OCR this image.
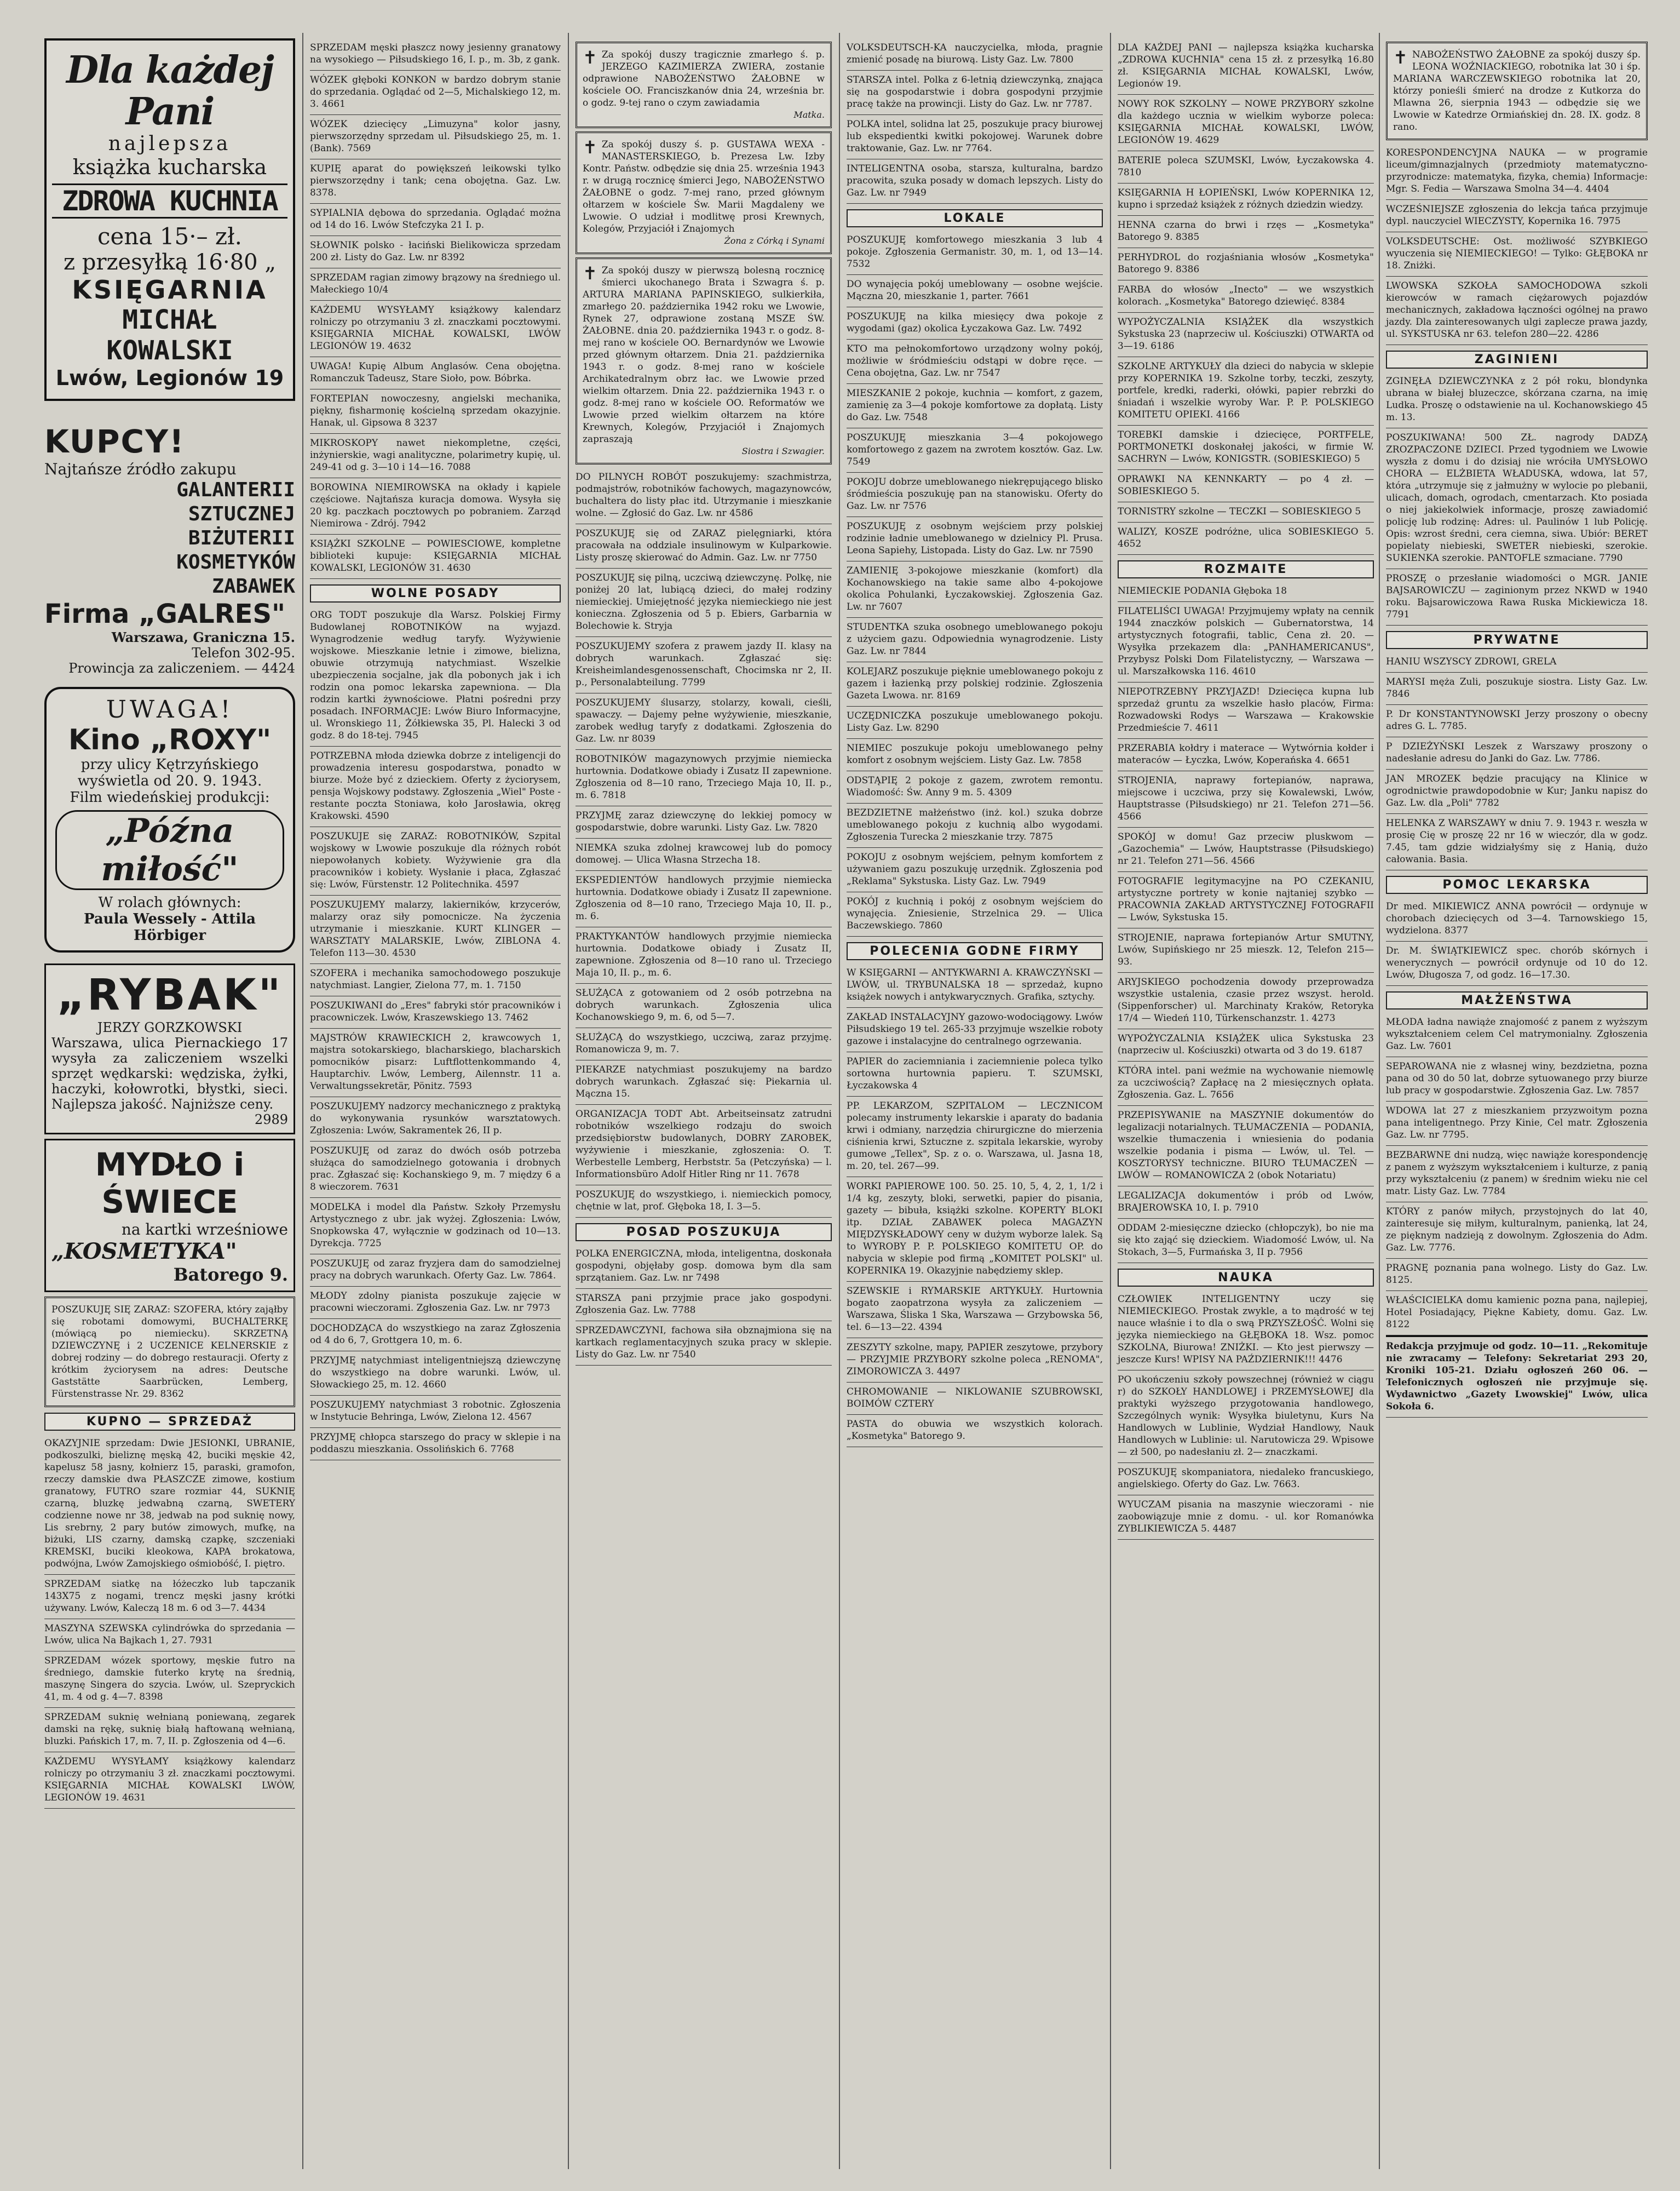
Dla każdej Pani
najlepsza
książka kucharska
ZDROWA KUCHNIA
cena 15·– zł.
z przesyłką 16·80 „
KSIĘGARNIA
MICHAŁ KOWALSKI
Lwów, Legionów 19
KUPCY!
Najtańsze źródło zakupu
GALANTERII
SZTUCZNEJ
BIŻUTERII
KOSMETYKÓW
ZABAWEK
Firma „GALRES"
Warszawa, Graniczna 15.
Telefon 302-95.
Prowincja za zaliczeniem. — 4424
UWAGA!
Kino „ROXY"
przy ulicy Kętrzyńskiego
wyświetla od 20. 9. 1943.
Film wiedeńskiej produkcji:
„Późna miłość"
W rolach głównych:
Paula Wessely - Attila Hörbiger
„RYBAK"
JERZY GORZKOWSKI
Warszawa, ulica Piernackiego 17 wysyła za zaliczeniem wszelki sprzęt wędkarski: wędziska, żyłki, haczyki, kołowrotki, błystki, sieci. Najlepsza jakość. Najniższe ceny.
2989
MYDŁO i ŚWIECE
na kartki wrześniowe
„KOSMETYKA"
Batorego 9.
POSZUKUJĘ SIĘ ZARAZ: SZOFERA, który zająłby się robotami domowymi, BUCHALTERKĘ (mówiącą po niemiecku). SKRZETNĄ DZIEWCZYNĘ i 2 UCZENICE KELNERSKIE z dobrej rodziny — do dobrego restauracji. Oferty z krótkim życiorysem na adres: Deutsche Gaststätte Saarbrücken, Lemberg, Fürstenstrasse Nr. 29. 8362
KUPNO — SPRZEDAŻ
OKAZYJNIE sprzedam: Dwie JESIONKI, UBRANIE, podkoszulki, bieliznę męską 42, buciki męskie 42, kapelusz 58 jasny, kołnierz 15, paraski, gramofon, rzeczy damskie dwa PŁASZCZE zimowe, kostium granatowy, FUTRO szare rozmiar 44, SUKNIĘ czarną, bluzkę jedwabną czarną, SWETERY codzienne nowe nr 38, jedwab na pod suknię nowy, Lis srebrny, 2 pary butów zimowych, mufkę, na biżuki, LIS czarny, damską czapkę, szczeniaki KREMSKI, buciki kleokowa, KAPA brokatowa, podwójna, Lwów Zamojskiego ośmiobóść, I. piętro.
SPRZEDAM siatkę na łóżeczko lub tapczanik 143X75 z nogami, trencz męski jasny krótki używany. Lwów, Kaleczą 18 m. 6 od 3—7. 4434
MASZYNA SZEWSKA cylindrówka do sprzedania — Lwów, ulica Na Bajkach 1, 27. 7931
SPRZEDAM wózek sportowy, męskie futro na średniego, damskie futerko krytę na średnią, maszynę Singera do szycia. Lwów, ul. Szepryckich 41, m. 4 od g. 4—7. 8398
SPRZEDAM suknię wełnianą poniewaną, zegarek damski na rękę, suknię białą haftowaną wełnianą, bluzki. Pańskich 17, m. 7, II. p. Zgłoszenia od 4—6.
KAŻDEMU WYSYŁAMY książkowy kalendarz rolniczy po otrzymaniu 3 zł. znaczkami pocztowymi. KSIĘGARNIA MICHAŁ KOWALSKI LWÓW, LEGIONÓW 19. 4631
SPRZEDAM męski płaszcz nowy jesienny granatowy na wysokiego — Piłsudskiego 16, I. p., m. 3b, z gank.
WÓZEK głęboki KONKON w bardzo dobrym stanie do sprzedania. Oglądać od 2—5, Michalskiego 12, m. 3. 4661
WÓZEK dziecięcy „Limuzyna" kolor jasny, pierwszorzędny sprzedam ul. Piłsudskiego 25, m. 1. (Bank). 7569
KUPIĘ aparat do powiększeń leikowski tylko pierwszorzędny i tank; cena obojętna. Gaz. Lw. 8378.
SYPIALNIA dębowa do sprzedania. Oglądać można od 14 do 16. Lwów Stefczyka 21 I. p.
SŁOWNIK polsko - łaciński Bielikowicza sprzedam 200 zł. Listy do Gaz. Lw. nr 8392
SPRZEDAM ragian zimowy brązowy na średniego ul. Małeckiego 10/4
KAŻDEMU WYSYŁAMY książkowy kalendarz rolniczy po otrzymaniu 3 zł. znaczkami pocztowymi. KSIĘGARNIA MICHAŁ KOWALSKI, LWÓW LEGIONÓW 19. 4632
UWAGA! Kupię Album Anglasów. Cena obojętna. Romanczuk Tadeusz, Stare Sioło, pow. Bóbrka.
FORTEPIAN nowoczesny, angielski mechanika, piękny, fisharmonię kościelną sprzedam okazyjnie. Hanak, ul. Gipsowa 8 3237
MIKROSKOPY nawet niekompletne, części, inżynierskie, wagi analityczne, polarimetry kupię, ul. 249-41 od g. 3—10 i 14—16. 7088
BOROWINA NIEMIROWSKA na okłady i kąpiele częściowe. Najtańsza kuracja domowa. Wysyła się 20 kg. paczkach pocztowych po pobraniem. Zarząd Niemirowa - Zdrój. 7942
KSIĄŻKI SZKOLNE — POWIESCIOWE, kompletne biblioteki kupuje: KSIĘGARNIA MICHAŁ KOWALSKI, LEGIONÓW 31. 4630
WOLNE POSADY
ORG TODT poszukuje dla Warsz. Polskiej Firmy Budowlanej ROBOTNIKÓW na wyjazd. Wynagrodzenie według taryfy. Wyżywienie wojskowe. Mieszkanie letnie i zimowe, bielizna, obuwie otrzymują natychmiast. Wszelkie ubezpieczenia socjalne, jak dla pobonych jak i ich rodzin ona pomoc lekarska zapewniona. — Dla rodzin kartki żywnościowe. Płatni pośredni przy posadach. INFORMACJE: Lwów Biuro Informacyjne, ul. Wronskiego 11, Żółkiewska 35, Pl. Halecki 3 od godz. 8 do 18-tej. 7945
POTRZEBNA młoda dziewka dobrze z inteligencji do prowadzenia interesu gospodarstwa, ponadto w biurze. Może być z dzieckiem. Oferty z życiorysem, pensja Wojskowy podstawy. Zgłoszenia „Wiel" Poste - restante poczta Stoniawa, koło Jarosławia, okręg Krakowski. 4590
POSZUKUJE się ZARAZ: ROBOTNIKÓW, Szpital wojskowy w Lwowie poszukuje dla różnych robót niepowołanych kobiety. Wyżywienie gra dla pracowników i kobiety. Wysłanie i płaca, Zgłaszać się: Lwów, Fürstenstr. 12 Politechnika. 4597
POSZUKUJEMY malarzy, lakierników, krzycerów, malarzy oraz siły pomocnicze. Na życzenia utrzymanie i mieszkanie. KURT KLINGER — WARSZTATY MALARSKIE, Lwów, ZIBLONA 4. Telefon 113—30. 4530
SZOFERA i mechanika samochodowego poszukuje natychmiast. Langier, Zielona 77, m. 1. 7150
POSZUKIWANI do „Eres" fabryki stór pracowników i pracowniczek. Lwów, Kraszewskiego 13. 7462
MAJSTRÓW KRAWIECKICH 2, krawcowych 1, majstra sotokarskiego, blacharskiego, blacharskich pomocników pisarz: Luftflottenkommando 4, Hauptarchiv. Lwów, Lemberg, Ailennstr. 11 a. Verwaltungssekretär, Pönitz. 7593
POSZUKUJEMY nadzorcy mechanicznego z praktyką do wykonywania rysunków warsztatowych. Zgłoszenia: Lwów, Sakramentek 26, II p.
POSZUKUJĘ od zaraz do dwóch osób potrzeba służąca do samodzielnego gotowania i drobnych prac. Zgłaszać się: Kochanskiego 9, m. 7 między 6 a 8 wieczorem. 7631
MODELKA i model dla Państw. Szkoły Przemysłu Artystycznego z ubr. jak wyżej. Zgłoszenia: Lwów, Snopkowska 47, wyłącznie w godzinach od 10—13. Dyrekcja. 7725
POSZUKUJĘ od zaraz fryzjera dam do samodzielnej pracy na dobrych warunkach. Oferty Gaz. Lw. 7864.
MŁODY zdolny pianista poszukuje zajęcie w pracowni wieczorami. Zgłoszenia Gaz. Lw. nr 7973
DOCHODZĄCA do wszystkiego na zaraz Zgłoszenia od 4 do 6, 7, Grottgera 10, m. 6.
PRZYJMĘ natychmiast inteligentniejszą dziewczynę do wszystkiego na dobre warunki. Lwów, ul. Słowackiego 25, m. 12. 4660
POSZUKUJEMY natychmiast 3 robotnic. Zgłoszenia w Instytucie Behringa, Lwów, Zielona 12. 4567
PRZYJMĘ chłopca starszego do pracy w sklepie i na poddaszu mieszkania. Ossolińskich 6. 7768
✝ Za spokój duszy tragicznie zmarłego ś. p. JERZEGO KAZIMIERZA ZWIERA, zostanie odprawione NABOŻEŃSTWO ŻAŁOBNE w kościele OO. Franciszkanów dnia 24, września br. o godz. 9-tej rano o czym zawiadamia
Matka.
✝ Za spokój duszy ś. p. GUSTAWA WEXA - MANASTERSKIEGO, b. Prezesa Lw. Izby Kontr. Państw. odbędzie się dnia 25. września 1943 r. w drugą rocznicę śmierci Jego, NABOŻEŃSTWO ŻAŁOBNE o godz. 7-mej rano, przed głównym ołtarzem w kościele Św. Marii Magdaleny we Lwowie. O udział i modlitwę prosi Krewnych, Kolegów, Przyjaciół i Znajomych
Żona z Córką i Synami
✝ Za spokój duszy w pierwszą bolesną rocznicę śmierci ukochanego Brata i Szwagra ś. p. ARTURA MARIANA PAPINSKIEGO, sulkierkiła, zmarłego 20. października 1942 roku we Lwowie, Rynek 27, odprawione zostaną MSZE ŚW. ŻAŁOBNE. dnia 20. października 1943 r. o godz. 8-mej rano w kościele OO. Bernardynów we Lwowie przed głównym ołtarzem. Dnia 21. października 1943 r. o godz. 8-mej rano w kościele Archikatedralnym obrz łac. we Lwowie przed wielkim ołtarzem. Dnia 22. października 1943 r. o godz. 8-mej rano w kościele OO. Reformatów we Lwowie przed wielkim ołtarzem na które Krewnych, Kolegów, Przyjaciół i Znajomych zapraszają
Siostra i Szwagier.
DO PILNYCH ROBÓT poszukujemy: szachmistrza, podmajstrów, robotników fachowych, magazynowców, buchaltera do listy płac itd. Utrzymanie i mieszkanie wolne. — Zgłosić do Gaz. Lw. nr 4586
POSZUKUJĘ się od ZARAZ pielęgniarki, która pracowała na oddziale insulinowym w Kulparkowie. Listy proszę skierować do Admin. Gaz. Lw. nr 7750
POSZUKUJĘ się pilną, uczciwą dziewczynę. Polkę, nie poniżej 20 lat, lubiącą dzieci, do małej rodziny niemieckiej. Umiejętność języka niemieckiego nie jest konieczna. Zgłoszenia od 5 p. Ebiers, Garbarnia w Bolechowie k. Stryja
POSZUKUJEMY szofera z prawem jazdy II. klasy na dobrych warunkach. Zgłaszać się: Kreisheimlandesgenossenschaft, Chocimska nr 2, II. p., Personalabteilung. 7799
POSZUKUJEMY ślusarzy, stolarzy, kowali, cieśli, spawaczy. — Dajemy pełne wyżywienie, mieszkanie, zarobek według taryfy z dodatkami. Zgłoszenia do Gaz. Lw. nr 8039
ROBOTNIKÓW magazynowych przyjmie niemiecka hurtownia. Dodatkowe obiady i Zusatz II zapewnione. Zgłoszenia od 8—10 rano, Trzeciego Maja 10, II. p., m. 6. 7818
PRZYJMĘ zaraz dziewczynę do lekkiej pomocy w gospodarstwie, dobre warunki. Listy Gaz. Lw. 7820
NIEMKA szuka zdolnej krawcowej lub do pomocy domowej. — Ulica Własna Strzecha 18.
EKSPEDIENTÓW handlowych przyjmie niemiecka hurtownia. Dodatkowe obiady i Zusatz II zapewnione. Zgłoszenia od 8—10 rano, Trzeciego Maja 10, II. p., m. 6.
PRAKTYKANTÓW handlowych przyjmie niemiecka hurtownia. Dodatkowe obiady i Zusatz II, zapewnione. Zgłoszenia od 8—10 rano ul. Trzeciego Maja 10, II. p., m. 6.
SŁUŻĄCA z gotowaniem od 2 osób potrzebna na dobrych warunkach. Zgłoszenia ulica Kochanowskiego 9, m. 6, od 5—7.
SŁUŻĄCĄ do wszystkiego, uczciwą, zaraz przyjmę. Romanowicza 9, m. 7.
PIEKARZE natychmiast poszukujemy na bardzo dobrych warunkach. Zgłaszać się: Piekarnia ul. Mączna 15.
ORGANIZACJA TODT Abt. Arbeitseinsatz zatrudni robotników wszelkiego rodzaju do swoich przedsiębiorstw budowlanych, DOBRY ZAROBEK, wyżywienie i mieszkanie, zgłoszenia: O. T. Werbestelle Lemberg, Herbststr. 5a (Petczyńska) — l. Informationsbüro Adolf Hitler Ring nr 11. 7678
POSZUKUJĘ do wszystkiego, i. niemieckich pomocy, chętnie w lat, prof. Głęboka 18, I. 3—5.
POSAD POSZUKUJA
POLKA ENERGICZNA, młoda, inteligentna, doskonała gospodyni, objęłaby gosp. domowa bym dla sam sprzątaniem. Gaz. Lw. nr 7498
STARSZA pani przyjmie prace jako gospodyni. Zgłoszenia Gaz. Lw. 7788
SPRZEDAWCZYNI, fachowa siła obznajmiona się na kartkach reglamentacyjnych szuka pracy w sklepie. Listy do Gaz. Lw. nr 7540
VOLKSDEUTSCH-KA nauczycielka, młoda, pragnie zmienić posadę na biurową. Listy Gaz. Lw. 7800
STARSZA intel. Polka z 6-letnią dziewczynką, znająca się na gospodarstwie i dobra gospodyni przyjmie pracę także na prowincji. Listy do Gaz. Lw. nr 7787.
POLKA intel, solidna lat 25, poszukuje pracy biurowej lub ekspedientki kwitki pokojowej. Warunek dobre traktowanie, Gaz. Lw. nr 7764.
INTELIGENTNA osoba, starsza, kulturalna, bardzo pracowita, szuka posady w domach lepszych. Listy do Gaz. Lw. nr 7949
LOKALE
POSZUKUJĘ komfortowego mieszkania 3 lub 4 pokoje. Zgłoszenia Germanistr. 30, m. 1, od 13—14. 7532
DO wynajęcia pokój umeblowany — osobne wejście. Mączna 20, mieszkanie 1, parter. 7661
POSZUKUJĘ na kilka miesięcy dwa pokoje z wygodami (gaz) okolica Łyczakowa Gaz. Lw. 7492
KTO ma pełnokomfortowo urządzony wolny pokój, możliwie w śródmieściu odstąpi w dobre ręce. — Cena obojętna, Gaz. Lw. nr 7547
MIESZKANIE 2 pokoje, kuchnia — komfort, z gazem, zamienię za 3—4 pokoje komfortowe za dopłatą. Listy do Gaz. Lw. 7548
POSZUKUJĘ mieszkania 3—4 pokojowego komfortowego z gazem na zwrotem kosztów. Gaz. Lw. 7549
POKOJU dobrze umeblowanego niekrępującego blisko śródmieścia poszukuję pan na stanowisku. Oferty do Gaz. Lw. nr 7576
POSZUKUJĘ z osobnym wejściem przy polskiej rodzinie ładnie umeblowanego w dzielnicy Pl. Prusa. Leona Sapiehy, Listopada. Listy do Gaz. Lw. nr 7590
ZAMIENIĘ 3-pokojowe mieszkanie (komfort) dla Kochanowskiego na takie same albo 4-pokojowe okolica Pohulanki, Łyczakowskiej. Zgłoszenia Gaz. Lw. nr 7607
STUDENTKA szuka osobnego umeblowanego pokoju z użyciem gazu. Odpowiednia wynagrodzenie. Listy Gaz. Lw. nr 7844
KOLEJARZ poszukuje pięknie umeblowanego pokoju z gazem i łazienką przy polskiej rodzinie. Zgłoszenia Gazeta Lwowa. nr. 8169
UCZĘDNICZKA poszukuje umeblowanego pokoju. Listy Gaz. Lw. 8290
NIEMIEC poszukuje pokoju umeblowanego pełny komfort z osobnym wejściem. Listy Gaz. Lw. 7858
ODSTĄPIĘ 2 pokoje z gazem, zwrotem remontu. Wiadomość: Św. Anny 9 m. 5. 4309
BEZDZIETNE małżeństwo (inż. kol.) szuka dobrze umeblowanego pokoju z kuchnią albo wygodami. Zgłoszenia Turecka 2 mieszkanie trzy. 7875
POKOJU z osobnym wejściem, pełnym komfortem z używaniem gazu poszukuję urzędnik. Zgłoszenia pod „Reklama" Sykstuska. Listy Gaz. Lw. 7949
POKÓJ z kuchnią i pokój z osobnym wejściem do wynajęcia. Zniesienie, Strzelnica 29. — Ulica Baczewskiego. 7860
POLECENIA GODNE FIRMY
W KSIĘGARNI — ANTYKWARNI A. KRAWCZYŃSKI — LWÓW, ul. TRYBUNALSKA 18 — sprzedaż, kupno książek nowych i antykwarycznych. Grafika, sztychy.
ZAKŁAD INSTALACYJNY gazowo-wodociągowy. Lwów Piłsudskiego 19 tel. 265-33 przyjmuje wszelkie roboty gazowe i instalacyjne do centralnego ogrzewania.
PAPIER do zaciemniania i zaciemnienie poleca tylko sortowna hurtownia papieru. T. SZUMSKI, Łyczakowska 4
PP. LEKARZOM, SZPITALOM — LECZNICOM polecamy instrumenty lekarskie i aparaty do badania krwi i odmiany, narzędzia chirurgiczne do mierzenia ciśnienia krwi, Sztuczne z. szpitala lekarskie, wyroby gumowe „Tellex", Sp. z o. o. Warszawa, ul. Jasna 18, m. 20, tel. 267—99.
WORKI PAPIEROWE 100. 50. 25. 10, 5, 4, 2, 1, 1/2 i 1/4 kg, zeszyty, bloki, serwetki, papier do pisania, gazety — bibuła, książki szkolne. KOPERTY BLOKI itp. DZIAŁ ZABAWEK poleca MAGAZYN MIĘDZYSKŁADOWY ceny w dużym wyborze lalek. Są to WYROBY P. P. POLSKIEGO KOMITETU OP. do nabycia w sklepie pod firmą „KOMITET POLSKI" ul. KOPERNIKA 19. Okazyjnie nabędziemy sklep.
SZEWSKIE i RYMARSKIE ARTYKUŁY. Hurtownia bogato zaopatrzona wysyła za zaliczeniem — Warszawa, Śliska 1 Ska, Warszawa — Grzybowska 56, tel. 6—13—22. 4394
ZESZYTY szkolne, mapy, PAPIER zeszytowe, przybory — PRZYJMIE PRZYBORY szkolne poleca „RENOMA", ZIMOROWICZA 3. 4497
CHROMOWANIE — NIKLOWANIE SZUBROWSKI, BOIMÓW CZTERY
PASTA do obuwia we wszystkich kolorach. „Kosmetyka" Batorego 9.
DLA KAŻDEJ PANI — najlepsza książka kucharska „ZDROWA KUCHNIA" cena 15 zł. z przesyłką 16.80 zł. KSIĘGARNIA MICHAŁ KOWALSKI, Lwów, Legionów 19.
NOWY ROK SZKOLNY — NOWE PRZYBORY szkolne dla każdego ucznia w wielkim wyborze poleca: KSIĘGARNIA MICHAŁ KOWALSKI, LWÓW, LEGIONÓW 19. 4629
BATERIE poleca SZUMSKI, Lwów, Łyczakowska 4. 7810
KSIĘGARNIA H ŁOPIEŃSKI, Lwów KOPERNIKA 12, kupno i sprzedaż książek z różnych dziedzin wiedzy.
HENNA czarna do brwi i rzęs — „Kosmetyka" Batorego 9. 8385
PERHYDROL do rozjaśniania włosów „Kosmetyka" Batorego 9. 8386
FARBA do włosów „Inecto" — we wszystkich kolorach. „Kosmetyka" Batorego dziewięć. 8384
WYPOŻYCZALNIA KSIĄŻEK dla wszystkich Sykstuska 23 (naprzeciw ul. Kościuszki) OTWARTA od 3—19. 6186
SZKOLNE ARTYKUŁY dla dzieci do nabycia w sklepie przy KOPERNIKA 19. Szkolne torby, teczki, zeszyty, portfele, kredki, raderki, ołówki, papier rebrzki do śniadań i wszelkie wyroby War. P. P. POLSKIEGO KOMITETU OPIEKI. 4166
TOREBKI damskie i dziecięce, PORTFELE, PORTMONETKI doskonałej jakości, w firmie W. SACHRYN — Lwów, KONIGSTR. (SOBIESKIEGO) 5
OPRAWKI NA KENNKARTY — po 4 zł. — SOBIESKIEGO 5.
TORNISTRY szkolne — TECZKI — SOBIESKIEGO 5
WALIZY, KOSZE podróżne, ulica SOBIESKIEGO 5. 4652
ROZMAITE
NIEMIECKIE PODANIA Głęboka 18
FILATELIŚCI UWAGA! Przyjmujemy wpłaty na cennik 1944 znaczków polskich — Gubernatorstwa, 14 artystycznych fotografii, tablic, Cena zł. 20. — Wysyłka przekazem dla: „PANHAMERICANUS", Przybysz Polski Dom Filatelistyczny, — Warszawa — ul. Marszałkowska 116. 4610
NIEPOTRZEBNY PRZYJAZD! Dziecięca kupna lub sprzedaż gruntu za wszelkie hasło placów, Firma: Rozwadowski Rodys — Warszawa — Krakowskie Przedmieście 7. 4611
PRZERABIA kołdry i materace — Wytwórnia kołder i materaców — Łyczka, Lwów, Koperańska 4. 6651
STROJENIA, naprawy fortepianów, naprawa, miejscowe i uczciwa, przy się Kowalewski, Lwów, Hauptstrasse (Piłsudskiego) nr 21. Telefon 271—56. 4566
SPOKÓJ w domu! Gaz przeciw pluskwom — „Gazochemia" — Lwów, Hauptstrasse (Piłsudskiego) nr 21. Telefon 271—56. 4566
FOTOGRAFIE legitymacyjne na PO CZEKANIU, artystyczne portrety w konie najtaniej szybko — PRACOWNIA ZAKŁAD ARTYSTYCZNEJ FOTOGRAFII — Lwów, Sykstuska 15.
STROJENIE, naprawa fortepianów Artur SMUTNY, Lwów, Supińskiego nr 25 mieszk. 12, Telefon 215—93.
ARYJSKIEGO pochodzenia dowody przeprowadza wszystkie ustalenia, czasie przez wszyst. herold. (Sippenforscher) ul. Marchinaty Kraków, Retoryka 17/4 — Wiedeń 110, Türkenschanzstr. 1. 4273
WYPOŻYCZALNIA KSIĄŻEK ulica Sykstuska 23 (naprzeciw ul. Kościuszki) otwarta od 3 do 19. 6187
KTÓRA intel. pani weźmie na wychowanie niemowlę za uczciwością? Zapłacę na 2 miesięcznych opłata. Zgłoszenia. Gaz. L. 7656
PRZEPISYWANIE na MASZYNIE dokumentów do legalizacji notarialnych. TŁUMACZENIA — PODANIA, wszelkie tłumaczenia i wniesienia do podania wszelkie podania i pisma — Lwów, ul. Tel. — KOSZTORYSY techniczne. BIURO TŁUMACZEŃ — LWÓW — ROMANOWICZA 2 (obok Notariatu)
LEGALIZACJA dokumentów i prób od Lwów, BRAJEROWSKA 10, I. p. 7910
ODDAM 2-miesięczne dziecko (chłopczyk), bo nie ma się kto zająć się dzieckiem. Wiadomość Lwów, ul. Na Stokach, 3—5, Furmańska 3, II p. 7956
NAUKA
CZŁOWIEK INTELIGENTNY uczy się NIEMIECKIEGO. Prostak zwykle, a to mądrość w tej nauce właśnie i to dla o swą PRZYSZŁOŚĆ. Wolni się języka niemieckiego na GŁĘBOKA 18. Wsz. pomoc SZKOLNA, Biurowa! ZNIŻKI. — Kto jest pierwszy — jeszcze Kurs! WPISY NA PAŹDZIERNIK!!! 4476
PO ukończeniu szkoły powszechnej (również w ciągu r) do SZKOŁY HANDLOWEJ i PRZEMYSŁOWEJ dla praktyki wyższego przygotowania handlowego, Szczególnych wynik: Wysyłka biuletynu, Kurs Na Handlowych w Lublinie, Wydział Handlowy, Nauk Handlowych w Lublinie: ul. Narutowicza 29. Wpisowe — zł 500, po nadesłaniu zł. 2— znaczkami.
POSZUKUJĘ skompaniatora, niedaleko francuskiego, angielskiego. Oferty do Gaz. Lw. 7663.
WYUCZAM pisania na maszynie wieczorami - nie zaobowiązuje mnie z domu. - ul. kor Romanówka ZYBLIKIEWICZA 5. 4487
✝ NABOŻEŃSTWO ŻAŁOBNE za spokój duszy śp. LEONA WOŹNIACKIEGO, robotnika lat 30 i śp. MARIANA WARCZEWSKIEGO robotnika lat 20, którzy ponieśli śmierć na drodze z Kutkorza do Mlawna 26, sierpnia 1943 — odbędzie się we Lwowie w Katedrze Ormiańskiej dn. 28. IX. godz. 8 rano.
KORESPONDENCYJNA NAUKA — w programie liceum/gimnazjalnych (przedmioty matematyczno-przyrodnicze: matematyka, fizyka, chemia) Informacje: Mgr. S. Fedia — Warszawa Smolna 34—4. 4404
WCZEŚNIEJSZE zgłoszenia do lekcja tańca przyjmuje dypl. nauczyciel WIECZYSTY, Kopernika 16. 7975
VOLKSDEUTSCHE: Ost. możliwość SZYBKIEGO wyuczenia się NIEMIECKIEGO! — Tylko: GŁĘBOKA nr 18. Zniżki.
LWOWSKA SZKOŁA SAMOCHODOWA szkoli kierowców w ramach ciężarowych pojazdów mechanicznych, zakładowa łączności ogólnej na prawo jazdy. Dla zainteresowanych ulgi zaplecze prawa jazdy, ul. SYKSTUSKA nr 63. telefon 280—22. 4286
ZAGINIENI
ZGINĘŁA DZIEWCZYNKA z 2 pół roku, blondynka ubrana w białej bluzeczce, skórzana czarna, na imię Ludka. Proszę o odstawienie na ul. Kochanowskiego 45 m. 13.
POSZUKIWANA! 500 ZŁ. nagrody DADZĄ ZROZPACZONE DZIECI. Przed tygodniem we Lwowie wyszła z domu i do dzisiaj nie wróciła UMYSŁOWO CHORA — ELŻBIETA WŁADUSKA, wdowa, lat 57, która „utrzymuje się z jałmużny w wylocie po plebanii, ulicach, domach, ogrodach, cmentarzach. Kto posiada o niej jakiekolwiek informacje, proszę zawiadomić policję lub rodzinę: Adres: ul. Paulinów 1 lub Policję. Opis: wzrost średni, cera ciemna, siwa. Ubiór: BERET popielaty niebieski, SWETER niebieski, szerokie. SUKIENKA szerokie. PANTOFLE szmaciane. 7790
PROSZĘ o przesłanie wiadomości o MGR. JANIE BAJSAROWICZU — zaginionym przez NKWD w 1940 roku. Bajsarowiczowa Rawa Ruska Mickiewicza 18. 7791
PRYWATNE
HANIU WSZYSCY ZDROWI, GRELA
MARYSI męża Zuli, poszukuje siostra. Listy Gaz. Lw. 7846
P. Dr KONSTANTYNOWSKI Jerzy proszony o obecny adres G. L. 7785.
P DZIEŻYŃSKI Leszek z Warszawy proszony o nadesłanie adresu do Janki do Gaz. Lw. 7786.
JAN MROZEK będzie pracujący na Klinice w ogrodnictwie prawdopodobnie w Kur; Janku napisz do Gaz. Lw. dla „Poli" 7782
HELENKA Z WARSZAWY w dniu 7. 9. 1943 r. weszła w prosię Cię w proszę 22 nr 16 w wieczór, dla w godz. 7.45, tam gdzie widziałyśmy się z Hanią, dużo całowania. Basia.
POMOC LEKARSKA
Dr med. MIKIEWICZ ANNA powrócił — ordynuje w chorobach dziecięcych od 3—4. Tarnowskiego 15, wydzielona. 8377
Dr. M. ŚWIĄTKIEWICZ spec. chorób skórnych i wenerycznych — powrócił ordynuje od 10 do 12. Lwów, Długosza 7, od godz. 16—17.30.
MAŁŻEŃSTWA
MŁODA ładna nawiąże znajomość z panem z wyższym wykształceniem celem Cel matrymonialny. Zgłoszenia Gaz. Lw. 7601
SEPAROWANA nie z własnej winy, bezdzietna, pozna pana od 30 do 50 lat, dobrze sytuowanego przy biurze lub pracy w gospodarstwie. Zgłoszenia Gaz. Lw. 7857
WDOWA lat 27 z mieszkaniem przyzwoitym pozna pana inteligentnego. Przy Kinie, Cel matr. Zgłoszenia Gaz. Lw. nr 7795.
BEZBARWNE dni nudzą, więc nawiąże korespondencję z panem z wyższym wykształceniem i kulturze, z panią przy wykształceniu (z panem) w średnim wieku nie cel matr. Listy Gaz. Lw. 7784
KTÓRY z panów miłych, przystojnych do lat 40, zainteresuje się miłym, kulturalnym, panienką, lat 24, ze pięknym nadzieją z dowolnym. Zgłoszenia do Adm. Gaz. Lw. 7776.
PRAGNĘ poznania pana wolnego. Listy do Gaz. Lw. 8125.
WŁAŚCICIELKA domu kamienic pozna pana, najlepiej, Hotel Posiadający, Piękne Kabiety, domu. Gaz. Lw. 8122
Redakcja przyjmuje od godz. 10—11. „Rekomituje nie zwracamy — Telefony: Sekretariat 293 20, Kroniki 105-21. Działu ogłoszeń 260 06. — Telefonicznych ogłoszeń nie przyjmuje się. Wydawnictwo „Gazety Lwowskiej" Lwów, ulica Sokoła 6.
